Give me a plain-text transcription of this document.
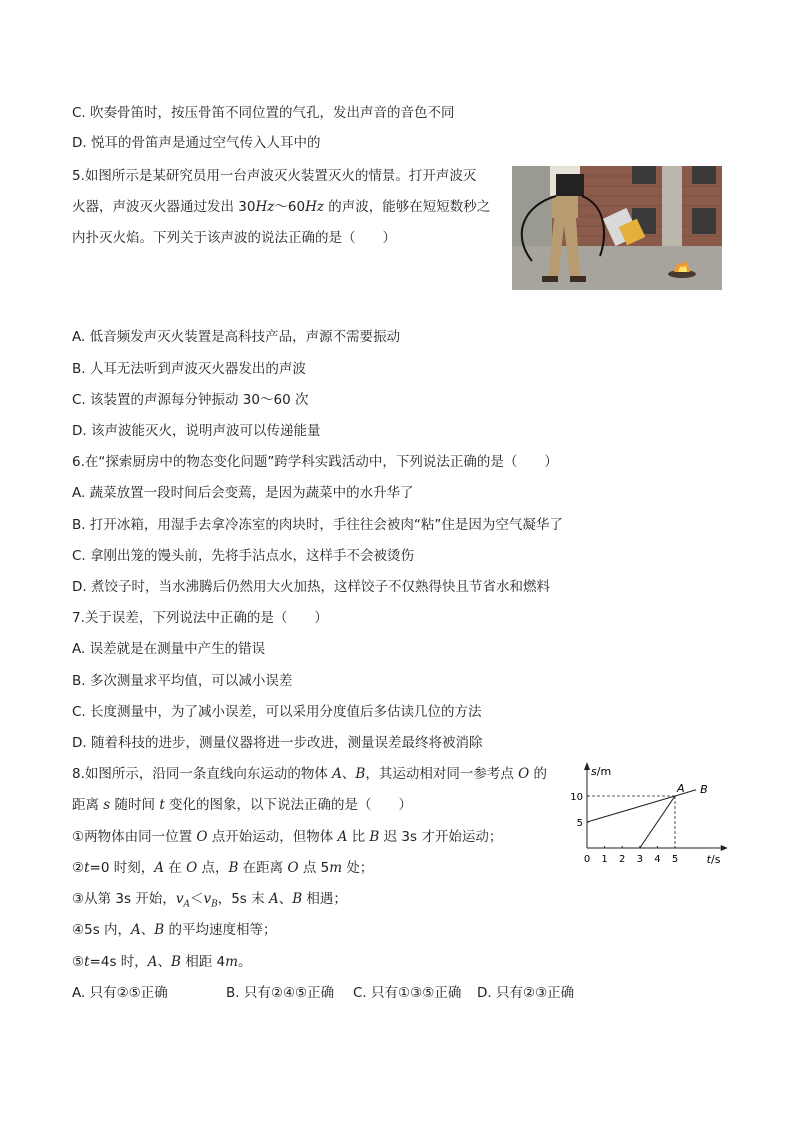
C. 吹奏骨笛时，按压骨笛不同位置的气孔，发出声音的音色不同
D. 悦耳的骨笛声是通过空气传入人耳中的
5.如图所示是某研究员用一台声波灭火装置灭火的情景。打开声波灭
火器，声波灭火器通过发出 30Hz～60Hz 的声波，能够在短短数秒之
内扑灭火焰。下列关于该声波的说法正确的是（　　）
A. 低音频发声灭火装置是高科技产品，声源不需要振动
B. 人耳无法听到声波灭火器发出的声波
C. 该装置的声源每分钟振动 30～60 次
D. 该声波能灭火，说明声波可以传递能量
6.在“探索厨房中的物态变化问题”跨学科实践活动中，下列说法正确的是（　　）
A. 蔬菜放置一段时间后会变蔫，是因为蔬菜中的水升华了
B. 打开冰箱，用湿手去拿冷冻室的肉块时，手往往会被肉“粘”住是因为空气凝华了
C. 拿刚出笼的馒头前，先将手沾点水，这样手不会被烫伤
D. 煮饺子时，当水沸腾后仍然用大火加热，这样饺子不仅熟得快且节省水和燃料
7.关于误差，下列说法中正确的是（　　）
A. 误差就是在测量中产生的错误
B. 多次测量求平均值，可以减小误差
C. 长度测量中，为了减小误差，可以采用分度值后多估读几位的方法
D. 随着科技的进步，测量仪器将进一步改进，测量误差最终将被消除
8.如图所示，沿同一条直线向东运动的物体 A、B，其运动相对同一参考点 O 的
距离 s 随时间 t 变化的图象，以下说法正确的是（　　）
①两物体由同一位置 O 点开始运动，但物体 A 比 B 迟 3s 才开始运动；
②t=0 时刻，A 在 O 点，B 在距离 O 点 5m 处；
③从第 3s 开始，$v_A<v_B$，5s 末 A、B 相遇；
④5s 内，A、B 的平均速度相等；
⑤t=4s 时，A、B 相距 4m。
A. 只有②⑤正确	B. 只有②④⑤正确 C. 只有①③⑤正确 D. 只有②③正确
s/m
t/s
0 1 2 3 4 5
5
10
A B
